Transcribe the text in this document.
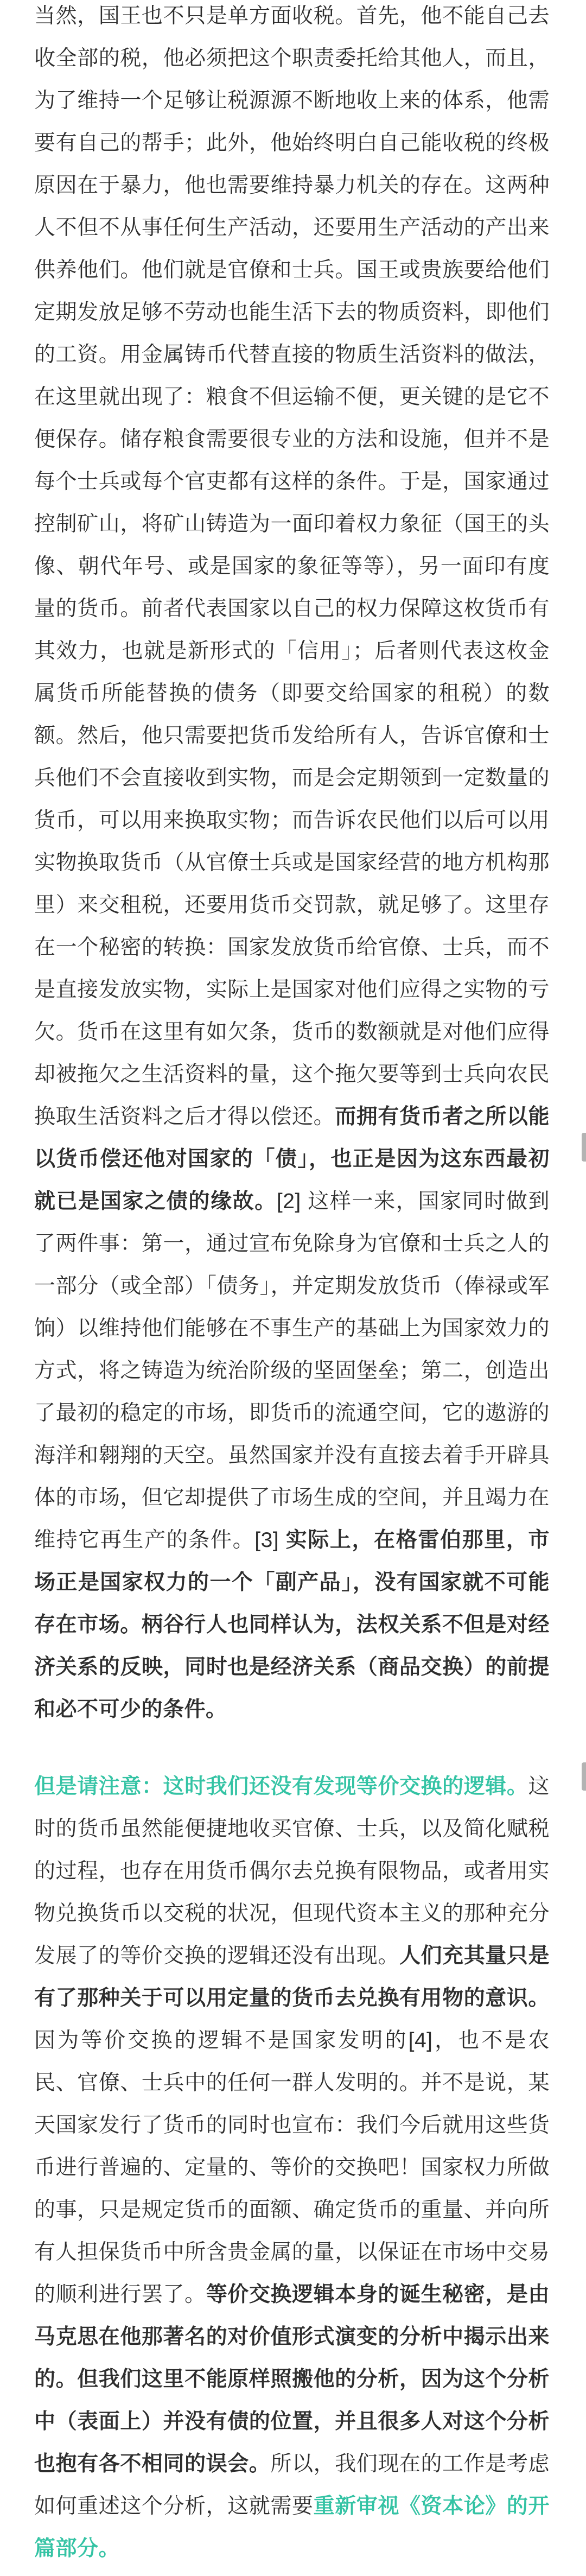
当然，国王也不只是单方面收税。首先，他不能自己去收全部的税，他必须把这个职责委托给其他人，而且，为了维持一个足够让税源源不断地收上来的体系，他需要有自己的帮手；此外，他始终明白自己能收税的终极原因在于暴力，他也需要维持暴力机关的存在。这两种人不但不从事任何生产活动，还要用生产活动的产出来供养他们。他们就是官僚和士兵。国王或贵族要给他们定期发放足够不劳动也能生活下去的物质资料，即他们的工资。用金属铸币代替直接的物质生活资料的做法，在这里就出现了：粮食不但运输不便，更关键的是它不便保存。储存粮食需要很专业的方法和设施，但并不是每个士兵或每个官吏都有这样的条件。于是，国家通过控制矿山，将矿山铸造为一面印着权力象征（国王的头像、朝代年号、或是国家的象征等等），另一面印有度量的货币。前者代表国家以自己的权力保障这枚货币有其效力，也就是新形式的「信用」；后者则代表这枚金属货币所能替换的债务（即要交给国家的租税）的数额。然后，他只需要把货币发给所有人，告诉官僚和士兵他们不会直接收到实物，而是会定期领到一定数量的货币，可以用来换取实物；而告诉农民他们以后可以用实物换取货币（从官僚士兵或是国家经营的地方机构那里）来交租税，还要用货币交罚款，就足够了。这里存在一个秘密的转换：国家发放货币给官僚、士兵，而不是直接发放实物，实际上是国家对他们应得之实物的亏欠。货币在这里有如欠条，货币的数额就是对他们应得却被拖欠之生活资料的量，这个拖欠要等到士兵向农民换取生活资料之后才得以偿还。而拥有货币者之所以能以货币偿还他对国家的「债」，也正是因为这东西最初就已是国家之债的缘故。[2] 这样一来，国家同时做到了两件事：第一，通过宣布免除身为官僚和士兵之人的一部分（或全部）「债务」，并定期发放货币（俸禄或军饷）以维持他们能够在不事生产的基础上为国家效力的方式，将之铸造为统治阶级的坚固堡垒；第二，创造出了最初的稳定的市场，即货币的流通空间，它的遨游的海洋和翱翔的天空。虽然国家并没有直接去着手开辟具体的市场，但它却提供了市场生成的空间，并且竭力在维持它再生产的条件。[3] 实际上，在格雷伯那里，市场正是国家权力的一个「副产品」，没有国家就不可能存在市场。柄谷行人也同样认为，法权关系不但是对经济关系的反映，同时也是经济关系（商品交换）的前提和必不可少的条件。

但是请注意：这时我们还没有发现等价交换的逻辑。这时的货币虽然能便捷地收买官僚、士兵，以及简化赋税的过程，也存在用货币偶尔去兑换有限物品，或者用实物兑换货币以交税的状况，但现代资本主义的那种充分发展了的等价交换的逻辑还没有出现。人们充其量只是有了那种关于可以用定量的货币去兑换有用物的意识。因为等价交换的逻辑不是国家发明的[4]，也不是农民、官僚、士兵中的任何一群人发明的。并不是说，某天国家发行了货币的同时也宣布：我们今后就用这些货币进行普遍的、定量的、等价的交换吧！国家权力所做的事，只是规定货币的面额、确定货币的重量、并向所有人担保货币中所含贵金属的量，以保证在市场中交易的顺利进行罢了。等价交换逻辑本身的诞生秘密，是由马克思在他那著名的对价值形式演变的分析中揭示出来的。但我们这里不能原样照搬他的分析，因为这个分析中（表面上）并没有债的位置，并且很多人对这个分析也抱有各不相同的误会。所以，我们现在的工作是考虑如何重述这个分析，这就需要重新审视《资本论》的开篇部分。
